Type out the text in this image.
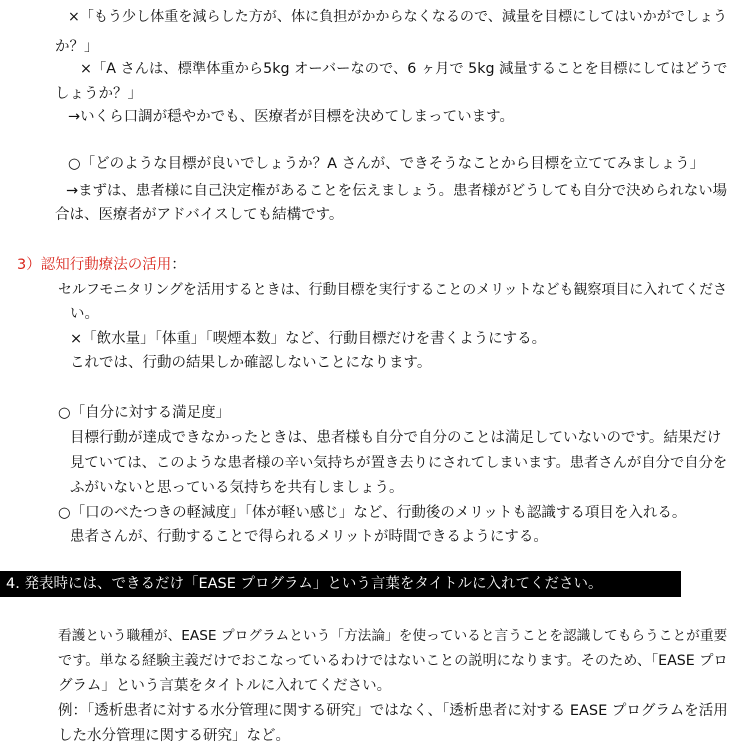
×「もう少し体重を減らした方が、体に負担がかからなくなるので、減量を目標にしてはいかがでしょう
か？」
×「A さんは、標準体重から5kg オーバーなので、6 ヶ月で 5kg 減量することを目標にしてはどうで
しょうか？」
→いくら口調が穏やかでも、医療者が目標を決めてしまっています。
○「どのような目標が良いでしょうか？A さんが、できそうなことから目標を立ててみましょう」
→まずは、患者様に自己決定権があることを伝えましょう。患者様がどうしても自分で決められない場
合は、医療者がアドバイスしても結構です。
3）認知行動療法の活用：
セルフモニタリングを活用するときは、行動目標を実行することのメリットなども観察項目に入れてくださ
い。
×「飲水量」「体重」「喫煙本数」など、行動目標だけを書くようにする。
これでは、行動の結果しか確認しないことになります。
○「自分に対する満足度」
目標行動が達成できなかったときは、患者様も自分で自分のことは満足していないのです。結果だけ
見ていては、このような患者様の辛い気持ちが置き去りにされてしまいます。患者さんが自分で自分を
ふがいないと思っている気持ちを共有しましょう。
○「口のべたつきの軽減度」「体が軽い感じ」など、行動後のメリットも認識する項目を入れる。
患者さんが、行動することで得られるメリットが時間できるようにする。
4. 発表時には、できるだけ「EASE プログラム」という言葉をタイトルに入れてください。
看護という職種が、EASE プログラムという「方法論」を使っていると言うことを認識してもらうことが重要
です。単なる経験主義だけでおこなっているわけではないことの説明になります。そのため、「EASE プロ
グラム」という言葉をタイトルに入れてください。
例：「透析患者に対する水分管理に関する研究」ではなく、「透析患者に対する EASE プログラムを活用
した水分管理に関する研究」など。
